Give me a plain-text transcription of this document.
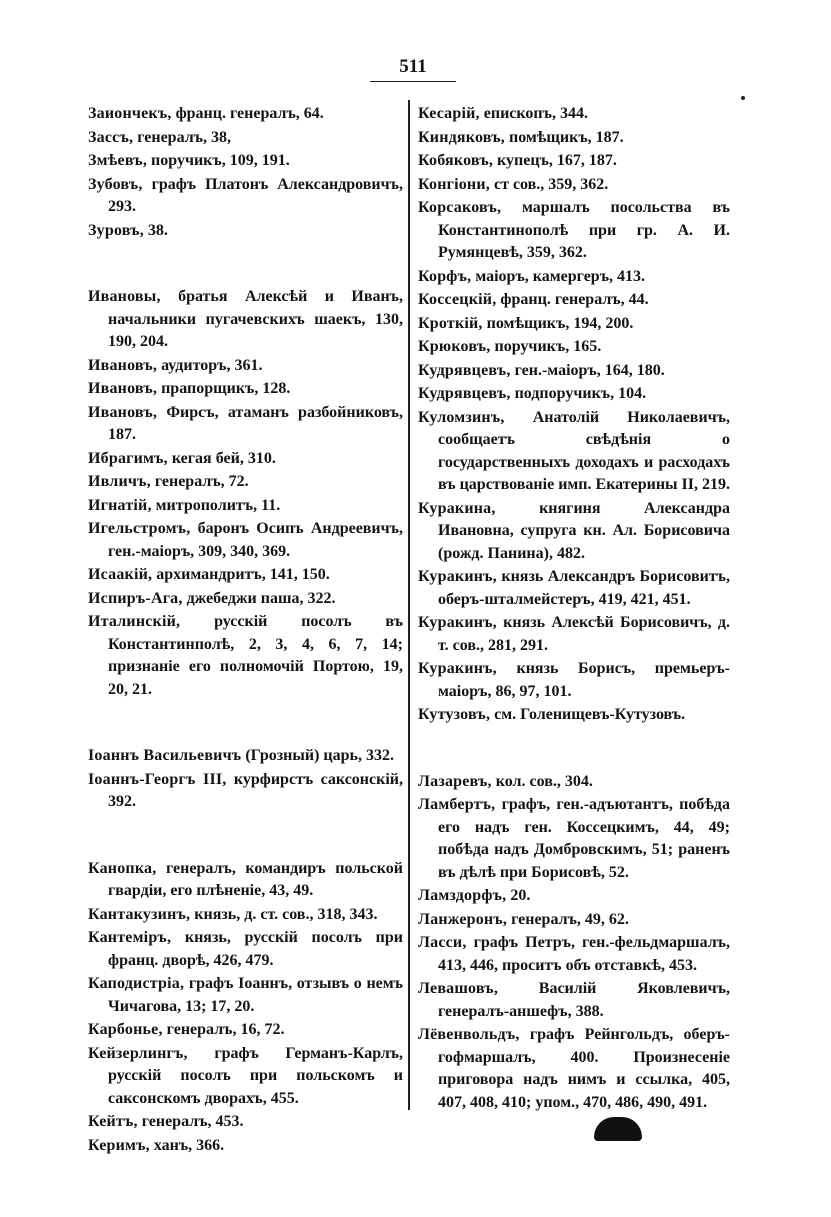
511
Заиончекъ, франц. генералъ, 64.
Зассъ, генералъ, 38,
Змѣевъ, поручикъ, 109, 191.
Зубовъ, графъ Платонъ Александровичъ, 293.
Зуровъ, 38.
Ивановы, братья Алексѣй и Иванъ, начальники пугачевскихъ шаекъ, 130, 190, 204.
Ивановъ, аудиторъ, 361.
Ивановъ, прапорщикъ, 128.
Ивановъ, Фирсъ, атаманъ разбойниковъ, 187.
Ибрагимъ, кегая бей, 310.
Ивличъ, генералъ, 72.
Игнатій, митрополитъ, 11.
Игельстромъ, баронъ Осипъ Андреевичъ, ген.-маіоръ, 309, 340, 369.
Исаакій, архимандритъ, 141, 150.
Испиръ-Ага, джебеджи паша, 322.
Италинскій, русскій посолъ въ Константинполѣ, 2, 3, 4, 6, 7, 14; признаніе его полномочій Портою, 19, 20, 21.
Іоаннъ Васильевичъ (Грозный) царь, 332.
Іоаннъ-Георгъ III, курфирстъ саксонскій, 392.
Канопка, генералъ, командиръ польской гвардіи, его плѣненіе, 43, 49.
Кантакузинъ, князь, д. ст. сов., 318, 343.
Кантеміръ, князь, русскій посолъ при франц. дворѣ, 426, 479.
Каподистріа, графъ Іоаннъ, отзывъ о немъ Чичагова, 13; 17, 20.
Карбонье, генералъ, 16, 72.
Кейзерлингъ, графъ Германъ-Карлъ, русскій посолъ при польскомъ и саксонскомъ дворахъ, 455.
Кейтъ, генералъ, 453.
Керимъ, ханъ, 366.
Кесарій, епископъ, 344.
Киндяковъ, помѣщикъ, 187.
Кобяковъ, купецъ, 167, 187.
Конгіони, ст сов., 359, 362.
Корсаковъ, маршалъ посольства въ Константинополѣ при гр. А. И. Румянцевѣ, 359, 362.
Корфъ, маіоръ, камергеръ, 413.
Коссецкій, франц. генералъ, 44.
Кроткій, помѣщикъ, 194, 200.
Крюковъ, поручикъ, 165.
Кудрявцевъ, ген.-маіоръ, 164, 180.
Кудрявцевъ, подпоручикъ, 104.
Куломзинъ, Анатолій Николаевичъ, сообщаетъ свѣдѣнія о государственныхъ доходахъ и расходахъ въ царствованіе имп. Екатерины II, 219.
Куракина,	княгиня Александра Ивановна, супруга кн. Ал. Борисовича (рожд. Панина), 482.
Куракинъ, князь Александръ Борисовитъ, оберъ-шталмейстеръ, 419, 421, 451.
Куракинъ, князь Алексѣй Борисовичъ, д. т. сов., 281, 291.
Куракинъ, князь Борисъ, премьеръ-маіоръ, 86, 97, 101.
Кутузовъ, см. Голенищевъ-Кутузовъ.
Лазаревъ, кол. сов., 304.
Ламбертъ, графъ, ген.-адъютантъ, побѣда его надъ ген. Коссецкимъ, 44, 49; побѣда надъ Домбровскимъ, 51; раненъ въ дѣлѣ при Борисовѣ, 52.
Ламздорфъ, 20.
Ланжеронъ, генералъ, 49, 62.
Ласси, графъ Петръ, ген.-фельдмаршалъ, 413, 446, проситъ объ отставкѣ, 453.
Левашовъ,	Василій Яковлевичъ, генералъ-аншефъ, 388.
Лёвенвольдъ, графъ Рейнгольдъ, оберъ-гофмаршалъ, 400. Произнесеніе приговора надъ нимъ и ссылка, 405, 407, 408, 410; упом., 470, 486, 490, 491.
